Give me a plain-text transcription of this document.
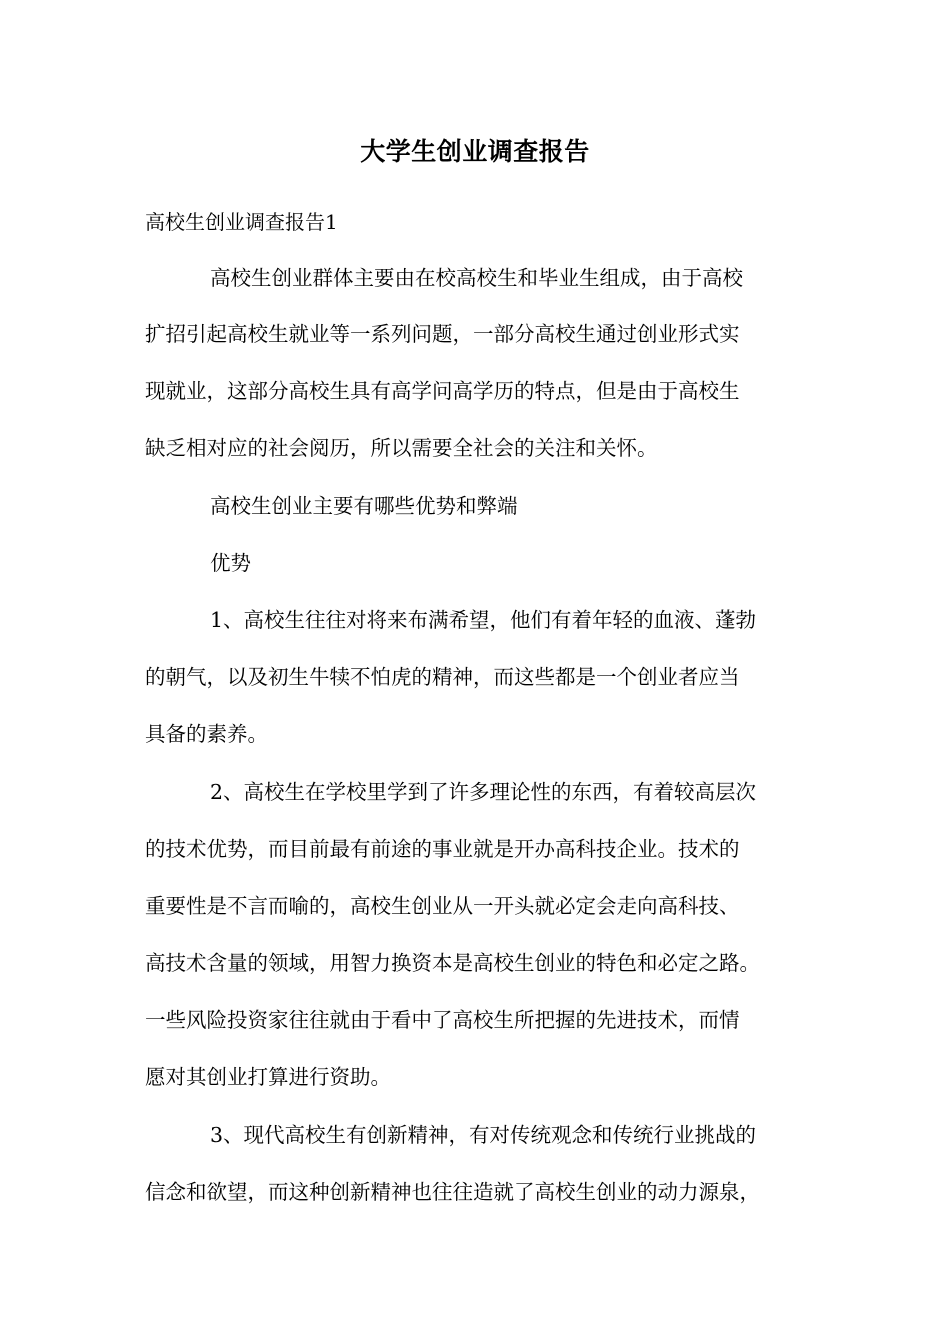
大学生创业调查报告
高校生创业调查报告1
高校生创业群体主要由在校高校生和毕业生组成，由于高校
扩招引起高校生就业等一系列问题，一部分高校生通过创业形式实
现就业，这部分高校生具有高学问高学历的特点，但是由于高校生
缺乏相对应的社会阅历，所以需要全社会的关注和关怀。
高校生创业主要有哪些优势和弊端
优势
1、高校生往往对将来布满希望，他们有着年轻的血液、蓬勃
的朝气，以及初生牛犊不怕虎的精神，而这些都是一个创业者应当
具备的素养。
2、高校生在学校里学到了许多理论性的东西，有着较高层次
的技术优势，而目前最有前途的事业就是开办高科技企业。技术的
重要性是不言而喻的，高校生创业从一开头就必定会走向高科技、
高技术含量的领域，用智力换资本是高校生创业的特色和必定之路。
一些风险投资家往往就由于看中了高校生所把握的先进技术，而情
愿对其创业打算进行资助。
3、现代高校生有创新精神，有对传统观念和传统行业挑战的
信念和欲望，而这种创新精神也往往造就了高校生创业的动力源泉，
